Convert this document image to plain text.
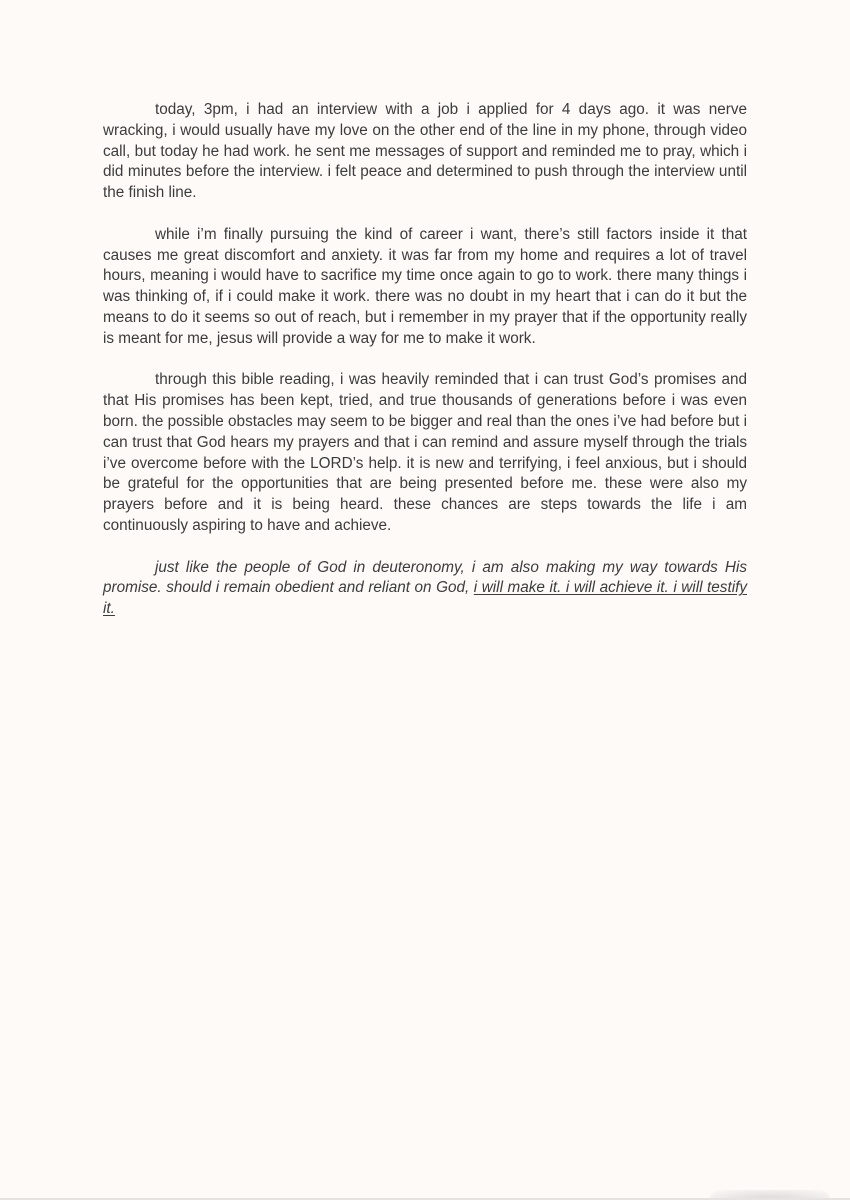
today, 3pm, i had an interview with a job i applied for 4 days ago. it was nerve wracking, i would usually have my love on the other end of the line in my phone, through video call, but today he had work. he sent me messages of support and reminded me to pray, which i did minutes before the interview. i felt peace and determined to push through the interview until the finish line.

while i’m finally pursuing the kind of career i want, there’s still factors inside it that causes me great discomfort and anxiety. it was far from my home and requires a lot of travel hours, meaning i would have to sacrifice my time once again to go to work. there many things i was thinking of, if i could make it work. there was no doubt in my heart that i can do it but the means to do it seems so out of reach, but i remember in my prayer that if the opportunity really is meant for me, jesus will provide a way for me to make it work.

through this bible reading, i was heavily reminded that i can trust God’s promises and that His promises has been kept, tried, and true thousands of generations before i was even born. the possible obstacles may seem to be bigger and real than the ones i’ve had before but i can trust that God hears my prayers and that i can remind and assure myself through the trials i’ve overcome before with the LORD’s help. it is new and terrifying, i feel anxious, but i should be grateful for the opportunities that are being presented before me. these were also my prayers before and it is being heard. these chances are steps towards the life i am continuously aspiring to have and achieve.

just like the people of God in deuteronomy, i am also making my way towards His promise. should i remain obedient and reliant on God, i will make it. i will achieve it. i will testify it.
